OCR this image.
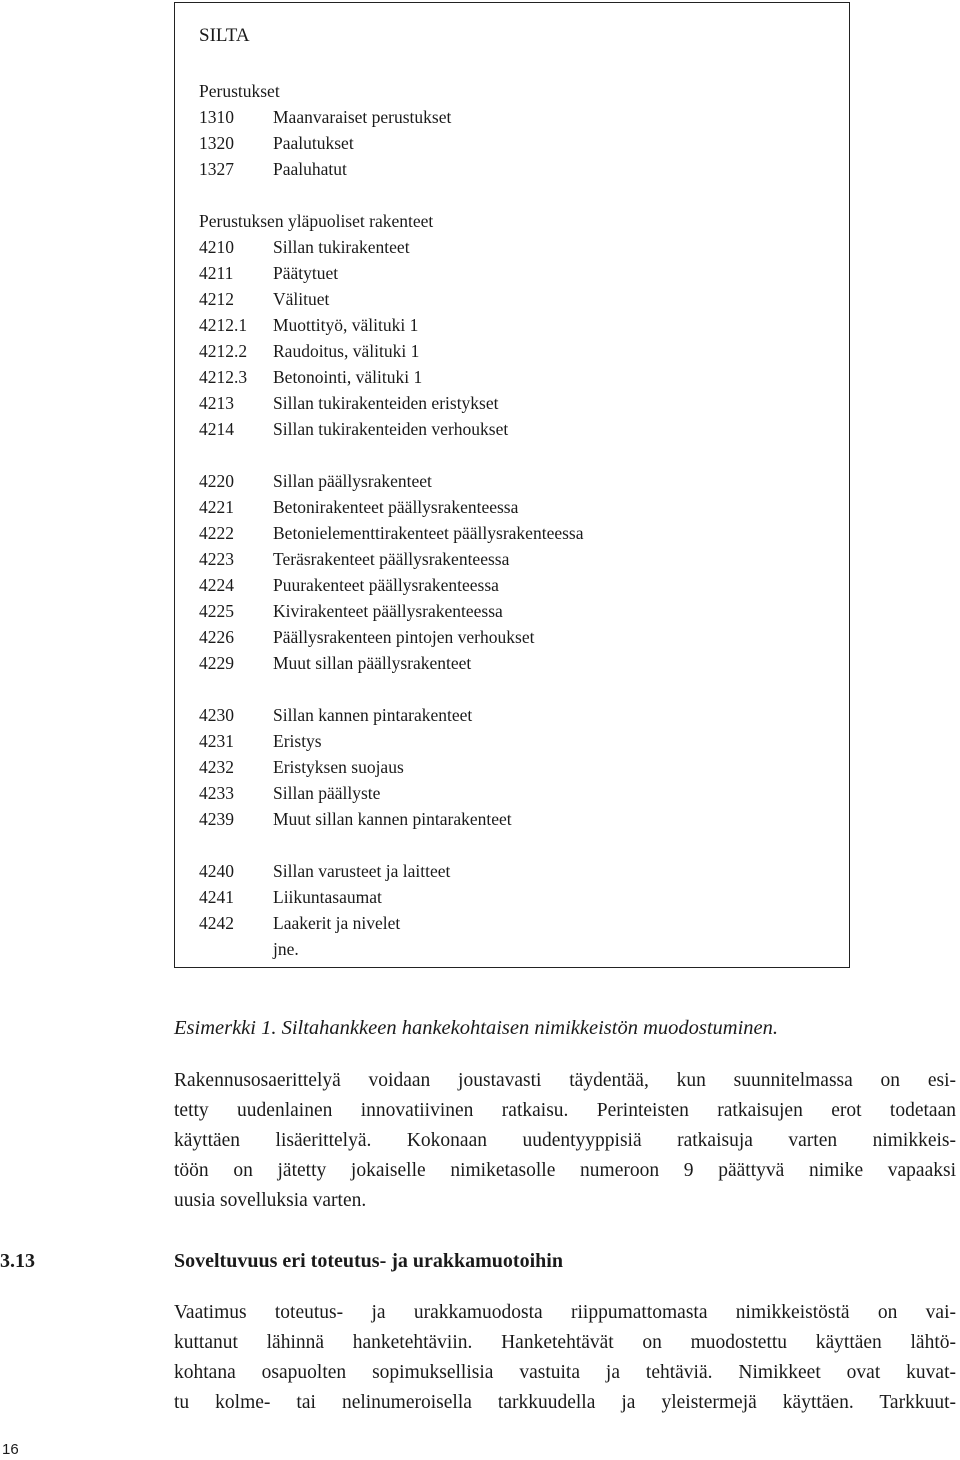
SILTA
Perustukset
1310 Maanvaraiset perustukset
1320 Paalutukset
1327 Paaluhatut
Perustuksen yläpuoliset rakenteet
4210 Sillan tukirakenteet
4211 Päätytuet
4212 Välituet
4212.1 Muottityö, välituki 1
4212.2 Raudoitus, välituki 1
4212.3 Betonointi, välituki 1
4213 Sillan tukirakenteiden eristykset
4214 Sillan tukirakenteiden verhoukset
4220 Sillan päällysrakenteet
4221 Betonirakenteet päällysrakenteessa
4222 Betonielementtirakenteet päällysrakenteessa
4223 Teräsrakenteet päällysrakenteessa
4224 Puurakenteet päällysrakenteessa
4225 Kivirakenteet päällysrakenteessa
4226 Päällysrakenteen pintojen verhoukset
4229 Muut sillan päällysrakenteet
4230 Sillan kannen pintarakenteet
4231 Eristys
4232 Eristyksen suojaus
4233 Sillan päällyste
4239 Muut sillan kannen pintarakenteet
4240 Sillan varusteet ja laitteet
4241 Liikuntasaumat
4242 Laakerit ja nivelet
jne.
Esimerkki 1. Siltahankkeen hankekohtaisen nimikkeistön muodostuminen.
Rakennusosaerittelyä voidaan joustavasti täydentää, kun suunnitelmassa on esi-
tetty uudenlainen innovatiivinen ratkaisu. Perinteisten ratkaisujen erot todetaan
käyttäen lisäerittelyä. Kokonaan uudentyyppisiä ratkaisuja varten nimikkeis-
töön on jätetty jokaiselle nimiketasolle numeroon 9 päättyvä nimike vapaaksi
uusia sovelluksia varten.
3.13	Soveltuvuus eri toteutus- ja urakkamuotoihin
Vaatimus toteutus- ja urakkamuodosta riippumattomasta nimikkeistöstä on vai-
kuttanut lähinnä hanketehtäviin. Hanketehtävät on muodostettu käyttäen lähtö-
kohtana osapuolten sopimuksellisia vastuita ja tehtäviä. Nimikkeet ovat kuvat-
tu kolme- tai nelinumeroisella tarkkuudella ja yleistermejä käyttäen. Tarkkuut-
16
